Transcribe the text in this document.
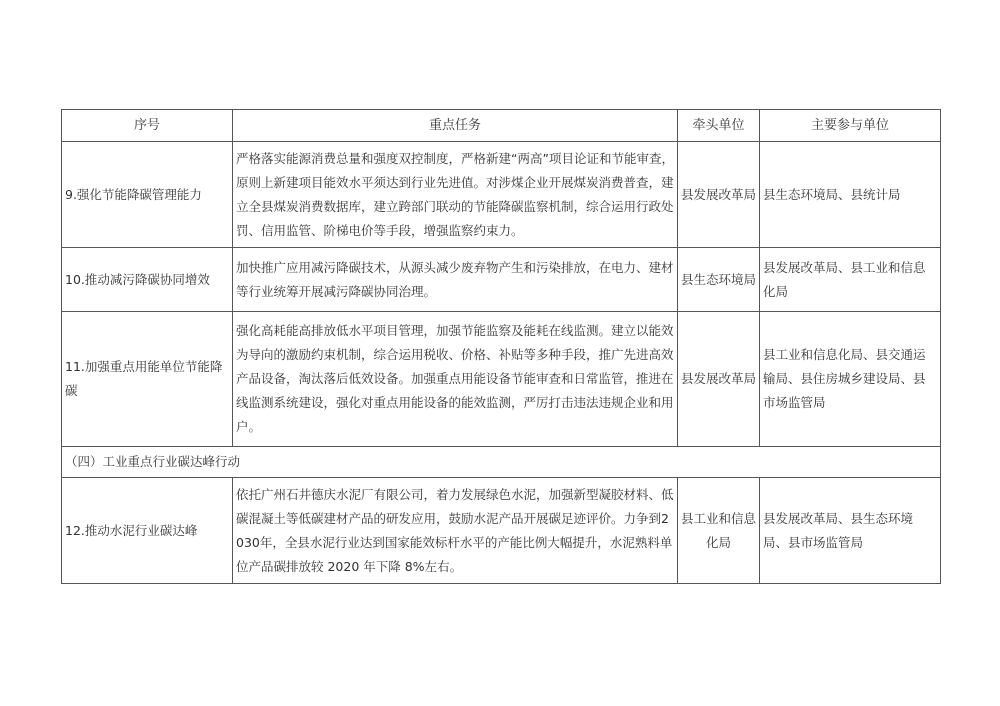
序号	重点任务	牵头单位	主要参与单位
9.强化节能降碳管理能力	严格落实能源消费总量和强度双控制度，严格新建“两高”项目论证和节能审查，原则上新建项目能效水平须达到行业先进值。对涉煤企业开展煤炭消费普查，建立全县煤炭消费数据库，建立跨部门联动的节能降碳监察机制，综合运用行政处罚、信用监管、阶梯电价等手段，增强监察约束力。	县发展改革局	县生态环境局、县统计局
10.推动减污降碳协同增效	加快推广应用减污降碳技术，从源头减少废弃物产生和污染排放，在电力、建材等行业统筹开展减污降碳协同治理。	县生态环境局	县发展改革局、县工业和信息化局
11.加强重点用能单位节能降碳	强化高耗能高排放低水平项目管理，加强节能监察及能耗在线监测。建立以能效为导向的激励约束机制，综合运用税收、价格、补贴等多种手段，推广先进高效产品设备，淘汰落后低效设备。加强重点用能设备节能审查和日常监管，推进在线监测系统建设，强化对重点用能设备的能效监测，严厉打击违法违规企业和用户。	县发展改革局	县工业和信息化局、县交通运输局、县住房城乡建设局、县市场监管局
（四）工业重点行业碳达峰行动			
12.推动水泥行业碳达峰	依托广州石井德庆水泥厂有限公司，着力发展绿色水泥，加强新型凝胶材料、低碳混凝土等低碳建材产品的研发应用，鼓励水泥产品开展碳足迹评价。力争到2030年，全县水泥行业达到国家能效标杆水平的产能比例大幅提升，水泥熟料单位产品碳排放较 2020 年下降 8%左右。	县工业和信息化局	县发展改革局、县生态环境局、县市场监管局
